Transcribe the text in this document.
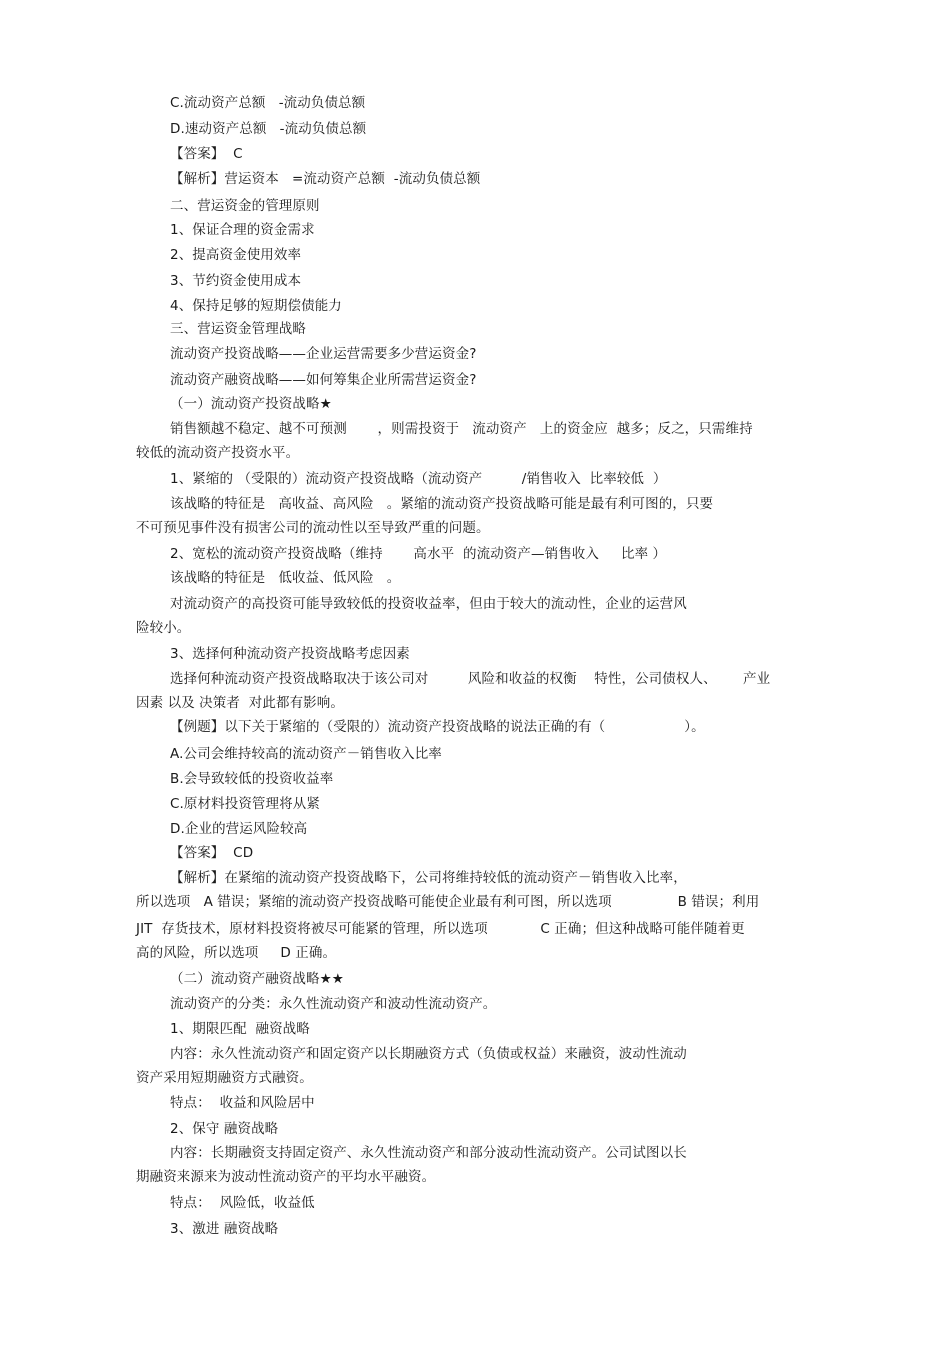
C.流动资产总额   -流动负债总额
D.速动资产总额   -流动负债总额
【答案】  C
【解析】营运资本   =流动资产总额  -流动负债总额
二、营运资金的管理原则
1、保证合理的资金需求
2、提高资金使用效率
3、节约资金使用成本
4、保持足够的短期偿债能力
三、营运资金管理战略
流动资产投资战略——企业运营需要多少营运资金?
流动资产融资战略——如何筹集企业所需营运资金?
（一）流动资产投资战略★
销售额越不稳定、越不可预测       ，则需投资于   流动资产   上的资金应  越多；反之，只需维持
较低的流动资产投资水平。
1、紧缩的 （受限的）流动资产投资战略（流动资产         /销售收入  比率较低  ）
该战略的特征是   高收益、高风险   。紧缩的流动资产投资战略可能是最有利可图的，只要
不可预见事件没有损害公司的流动性以至导致严重的问题。
2、宽松的流动资产投资战略（维持       高水平  的流动资产—销售收入     比率 ）
该战略的特征是   低收益、低风险   。
对流动资产的高投资可能导致较低的投资收益率，但由于较大的流动性，企业的运营风
险较小。
3、选择何种流动资产投资战略考虑因素
选择何种流动资产投资战略取决于该公司对         风险和收益的权衡    特性，公司债权人、      产业
因素 以及 决策者  对此都有影响。
【例题】以下关于紧缩的（受限的）流动资产投资战略的说法正确的有（                  ）。
A.公司会维持较高的流动资产－销售收入比率
B.会导致较低的投资收益率
C.原材料投资管理将从紧
D.企业的营运风险较高
【答案】  CD
【解析】在紧缩的流动资产投资战略下，公司将维持较低的流动资产－销售收入比率，
所以选项   A 错误；紧缩的流动资产投资战略可能使企业最有利可图，所以选项               B 错误；利用
JIT  存货技术，原材料投资将被尽可能紧的管理，所以选项            C 正确；但这种战略可能伴随着更
高的风险，所以选项     D 正确。
（二）流动资产融资战略★★
流动资产的分类：永久性流动资产和波动性流动资产。
1、期限匹配  融资战略
内容：永久性流动资产和固定资产以长期融资方式（负债或权益）来融资，波动性流动
资产采用短期融资方式融资。
特点：  收益和风险居中
2、保守 融资战略
内容：长期融资支持固定资产、永久性流动资产和部分波动性流动资产。公司试图以长
期融资来源来为波动性流动资产的平均水平融资。
特点：  风险低，收益低
3、激进 融资战略
